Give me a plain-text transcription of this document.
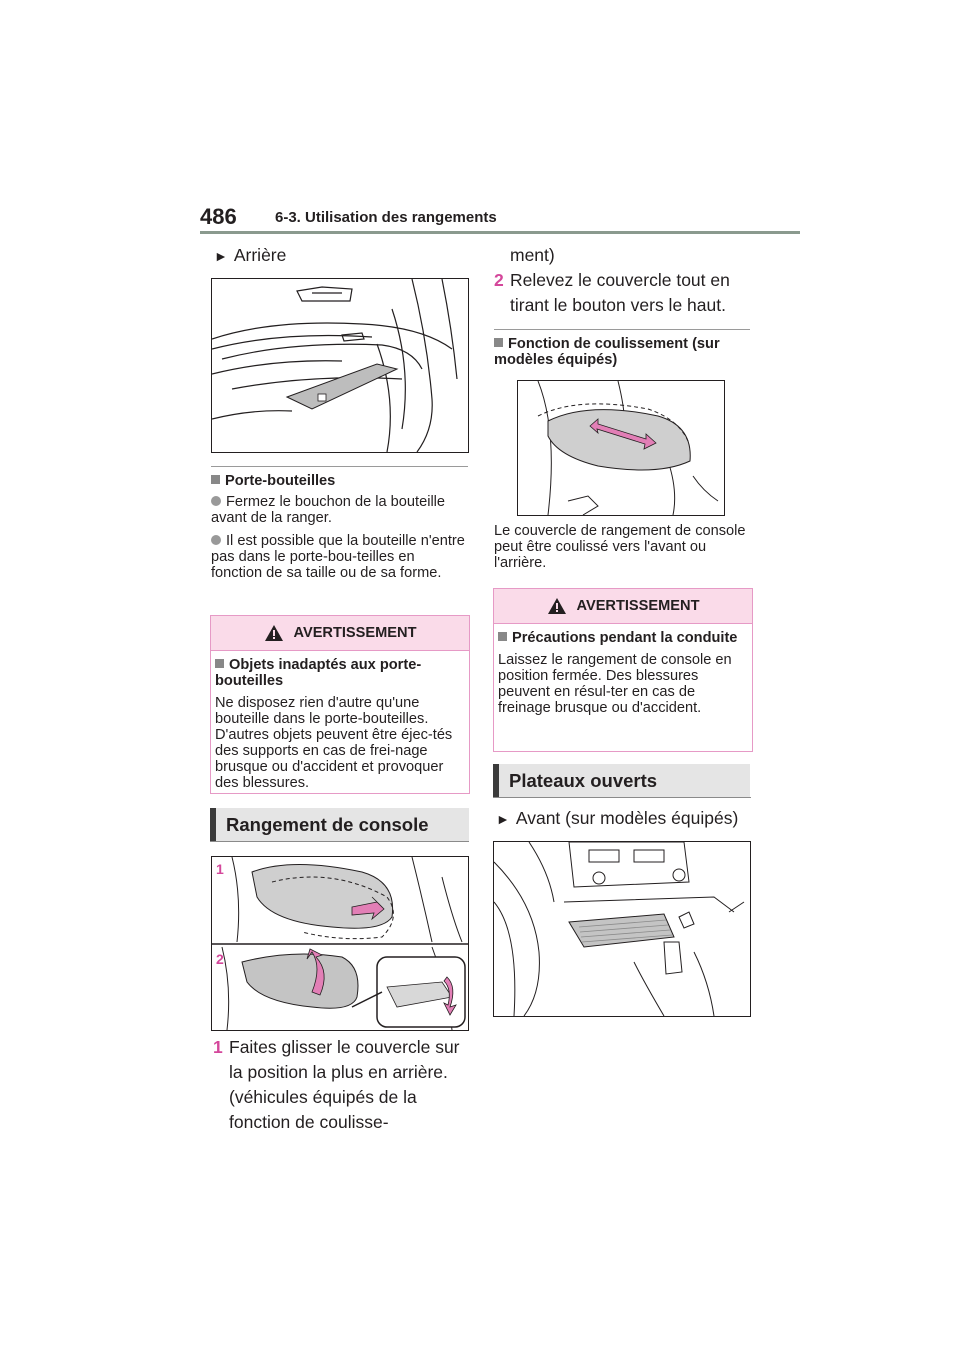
486	6-3. Utilisation des rangements
► Arrière
Porte-bouteilles
Fermez le bouchon de la bouteille avant de la ranger.
Il est possible que la bouteille n'entre pas dans le porte-bou-teilles en fonction de sa taille ou de sa forme.
AVERTISSEMENT
Objets inadaptés aux porte-bouteilles
Ne disposez rien d'autre qu'une bouteille dans le porte-bouteilles. D'autres objets peuvent être éjec-tés des supports en cas de frei-nage brusque ou d'accident et provoquer des blessures.
Rangement de console
1
2
1 Faites glisser le couvercle sur la position la plus en arrière. (véhicules équipés de la fonction de coulisse-
ment)
2 Relevez le couvercle tout en tirant le bouton vers le haut.
Fonction de coulissement (sur modèles équipés)
Le couvercle de rangement de console peut être coulissé vers l'avant ou l'arrière.
AVERTISSEMENT
Précautions pendant la conduite
Laissez le rangement de console en position fermée. Des blessures peuvent en résul-ter en cas de freinage brusque ou d'accident.
Plateaux ouverts
► Avant (sur modèles équipés)
